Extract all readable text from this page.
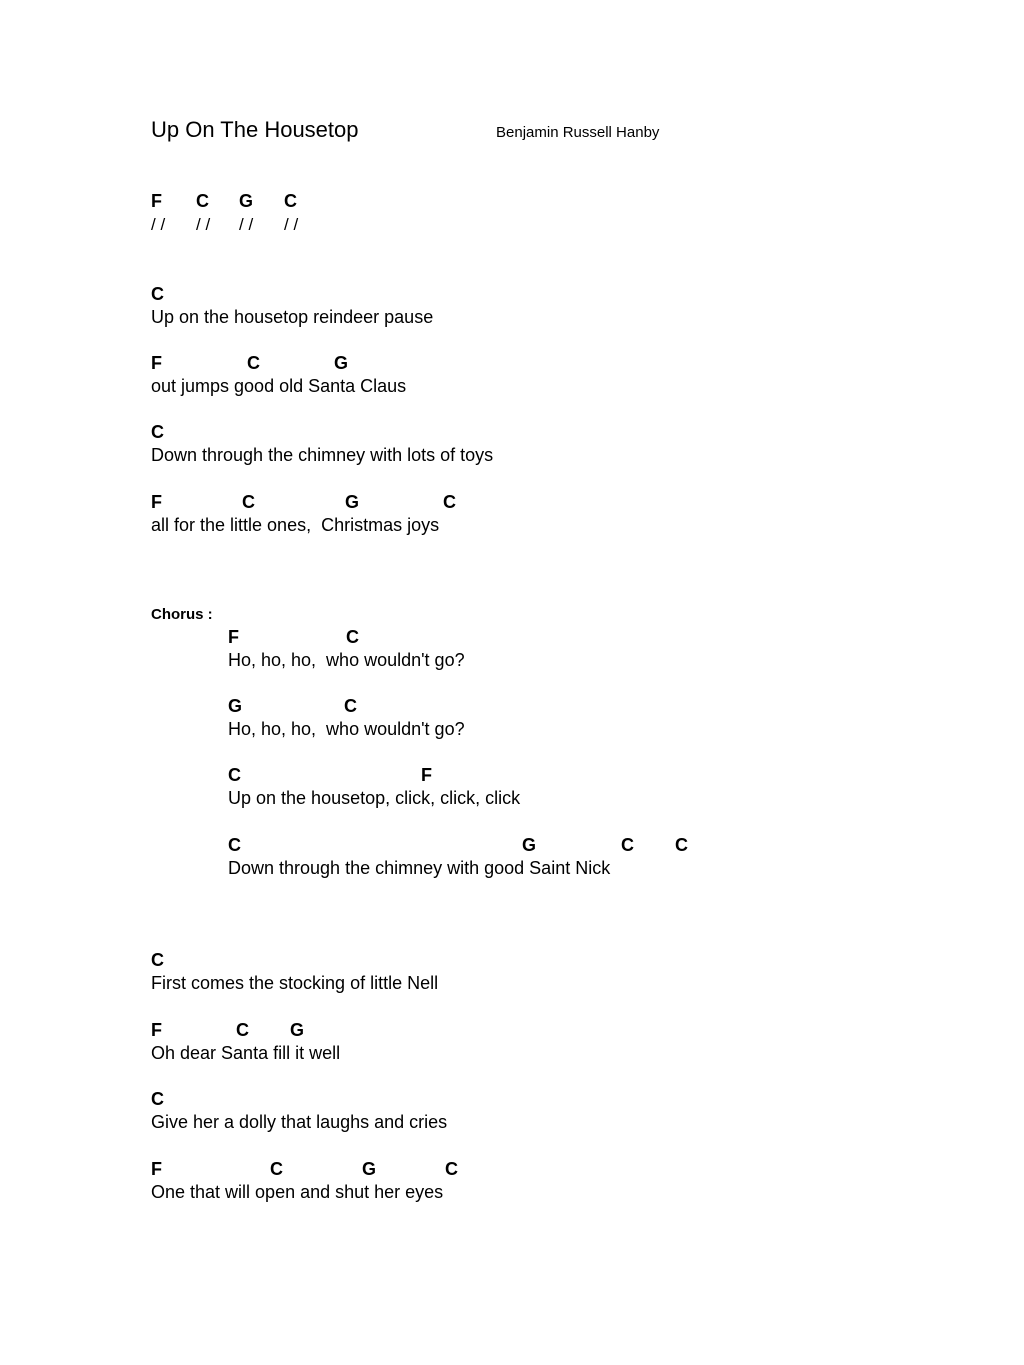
Up On The Housetop	Benjamin Russell Hanby
F C G C
/ / / / / / / /
C
Up on the housetop reindeer pause
F	C	G
out jumps good old Santa Claus
C
Down through the chimney with lots of toys
F	C	G	C
all for the little ones,  Christmas joys
Chorus :
F	C
Ho, ho, ho,  who wouldn't go?
G	C
Ho, ho, ho,  who wouldn't go?
C	F
Up on the housetop, click, click, click
C	G	C C
Down through the chimney with good Saint Nick
C
First comes the stocking of little Nell
F	C G
Oh dear Santa fill it well
C
Give her a dolly that laughs and cries
F	C	G	C
One that will open and shut her eyes
